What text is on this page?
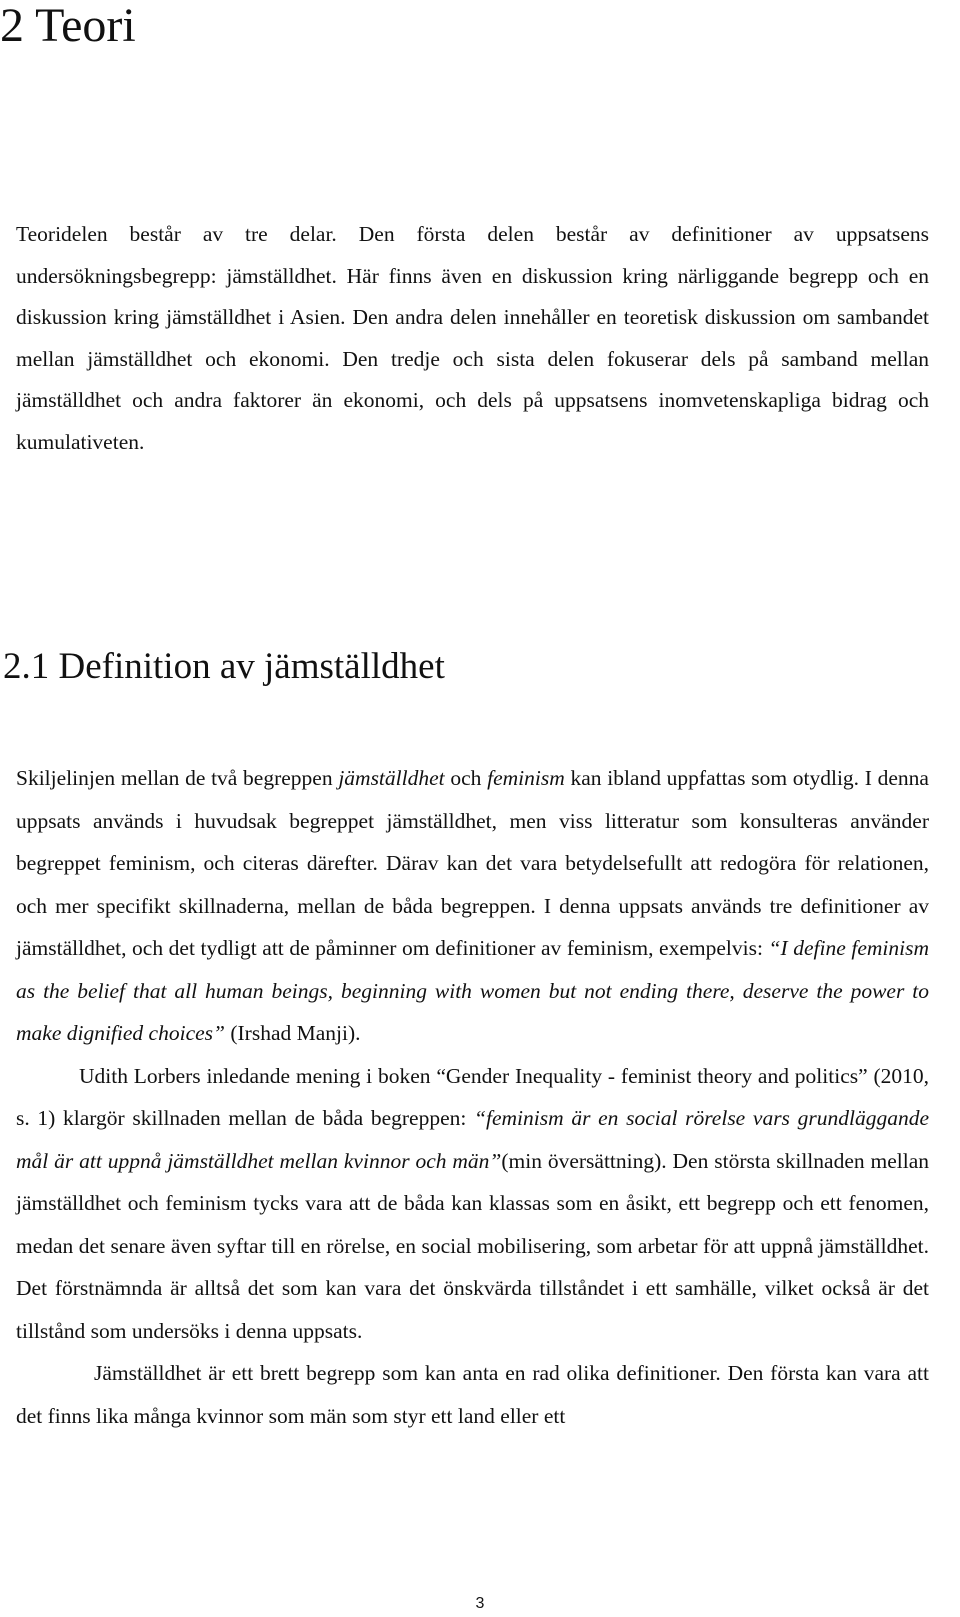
2 Teori

Teoridelen består av tre delar. Den första delen består av definitioner av uppsatsens undersökningsbegrepp: jämställdhet. Här finns även en diskussion kring närliggande begrepp och en diskussion kring jämställdhet i Asien. Den andra delen innehåller en teoretisk diskussion om sambandet mellan jämställdhet och ekonomi. Den tredje och sista delen fokuserar dels på samband mellan jämställdhet och andra faktorer än ekonomi, och dels på uppsatsens inomvetenskapliga bidrag och kumulativeten.

2.1 Definition av jämställdhet

Skiljelinjen mellan de två begreppen jämställdhet och feminism kan ibland uppfattas som otydlig. I denna uppsats används i huvudsak begreppet jämställdhet, men viss litteratur som konsulteras använder begreppet feminism, och citeras därefter. Därav kan det vara betydelsefullt att redogöra för relationen, och mer specifikt skillnaderna, mellan de båda begreppen. I denna uppsats används tre definitioner av jämställdhet, och det tydligt att de påminner om definitioner av feminism, exempelvis: “I define feminism as the belief that all human beings, beginning with women but not ending there, deserve the power to make dignified choices” (Irshad Manji).

Udith Lorbers inledande mening i boken “Gender Inequality - feminist theory and politics” (2010, s. 1) klargör skillnaden mellan de båda begreppen: “feminism är en social rörelse vars grundläggande mål är att uppnå jämställdhet mellan kvinnor och män”(min översättning). Den största skillnaden mellan jämställdhet och feminism tycks vara att de båda kan klassas som en åsikt, ett begrepp och ett fenomen, medan det senare även syftar till en rörelse, en social mobilisering, som arbetar för att uppnå jämställdhet. Det förstnämnda är alltså det som kan vara det önskvärda tillståndet i ett samhälle, vilket också är det tillstånd som undersöks i denna uppsats.

Jämställdhet är ett brett begrepp som kan anta en rad olika definitioner. Den första kan vara att det finns lika många kvinnor som män som styr ett land eller ett

3
